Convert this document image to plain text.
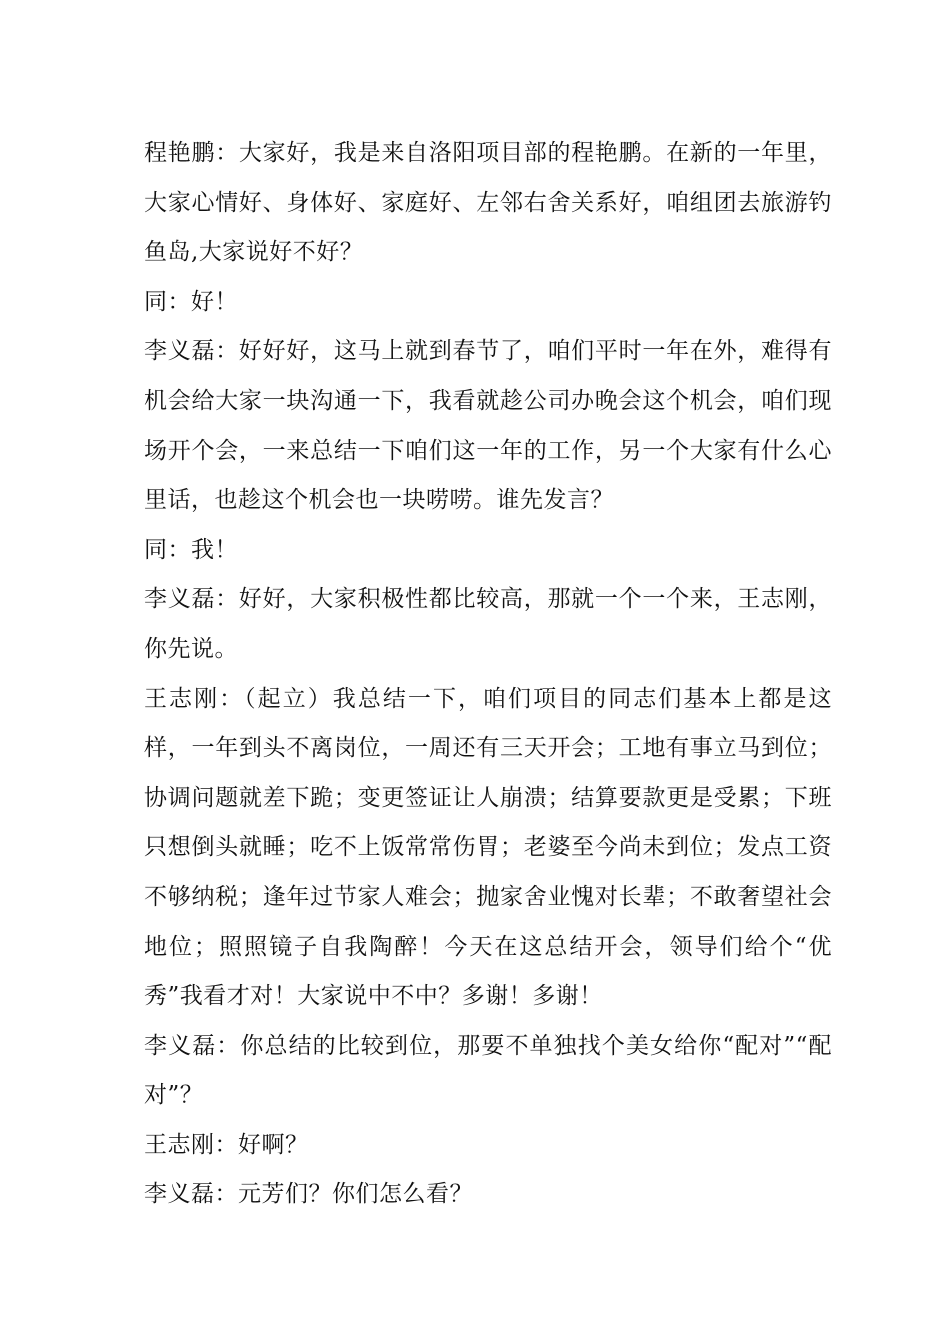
程艳鹏：大家好，我是来自洛阳项目部的程艳鹏。在新的一年里，大家心情好、身体好、家庭好、左邻右舍关系好，咱组团去旅游钓鱼岛,大家说好不好？

同：好！

李义磊：好好好，这马上就到春节了，咱们平时一年在外，难得有机会给大家一块沟通一下，我看就趁公司办晚会这个机会，咱们现场开个会，一来总结一下咱们这一年的工作，另一个大家有什么心里话，也趁这个机会也一块唠唠。谁先发言？

同：我！

李义磊：好好，大家积极性都比较高，那就一个一个来，王志刚，你先说。

王志刚：（起立）我总结一下，咱们项目的同志们基本上都是这样，一年到头不离岗位，一周还有三天开会；工地有事立马到位；协调问题就差下跪；变更签证让人崩溃；结算要款更是受累；下班只想倒头就睡；吃不上饭常常伤胃；老婆至今尚未到位；发点工资不够纳税；逢年过节家人难会；抛家舍业愧对长辈；不敢奢望社会地位；照照镜子自我陶醉！今天在这总结开会，领导们给个“优秀”我看才对！大家说中不中？多谢！多谢！

李义磊：你总结的比较到位，那要不单独找个美女给你“配对”“配对”？

王志刚：好啊？

李义磊：元芳们？你们怎么看？
